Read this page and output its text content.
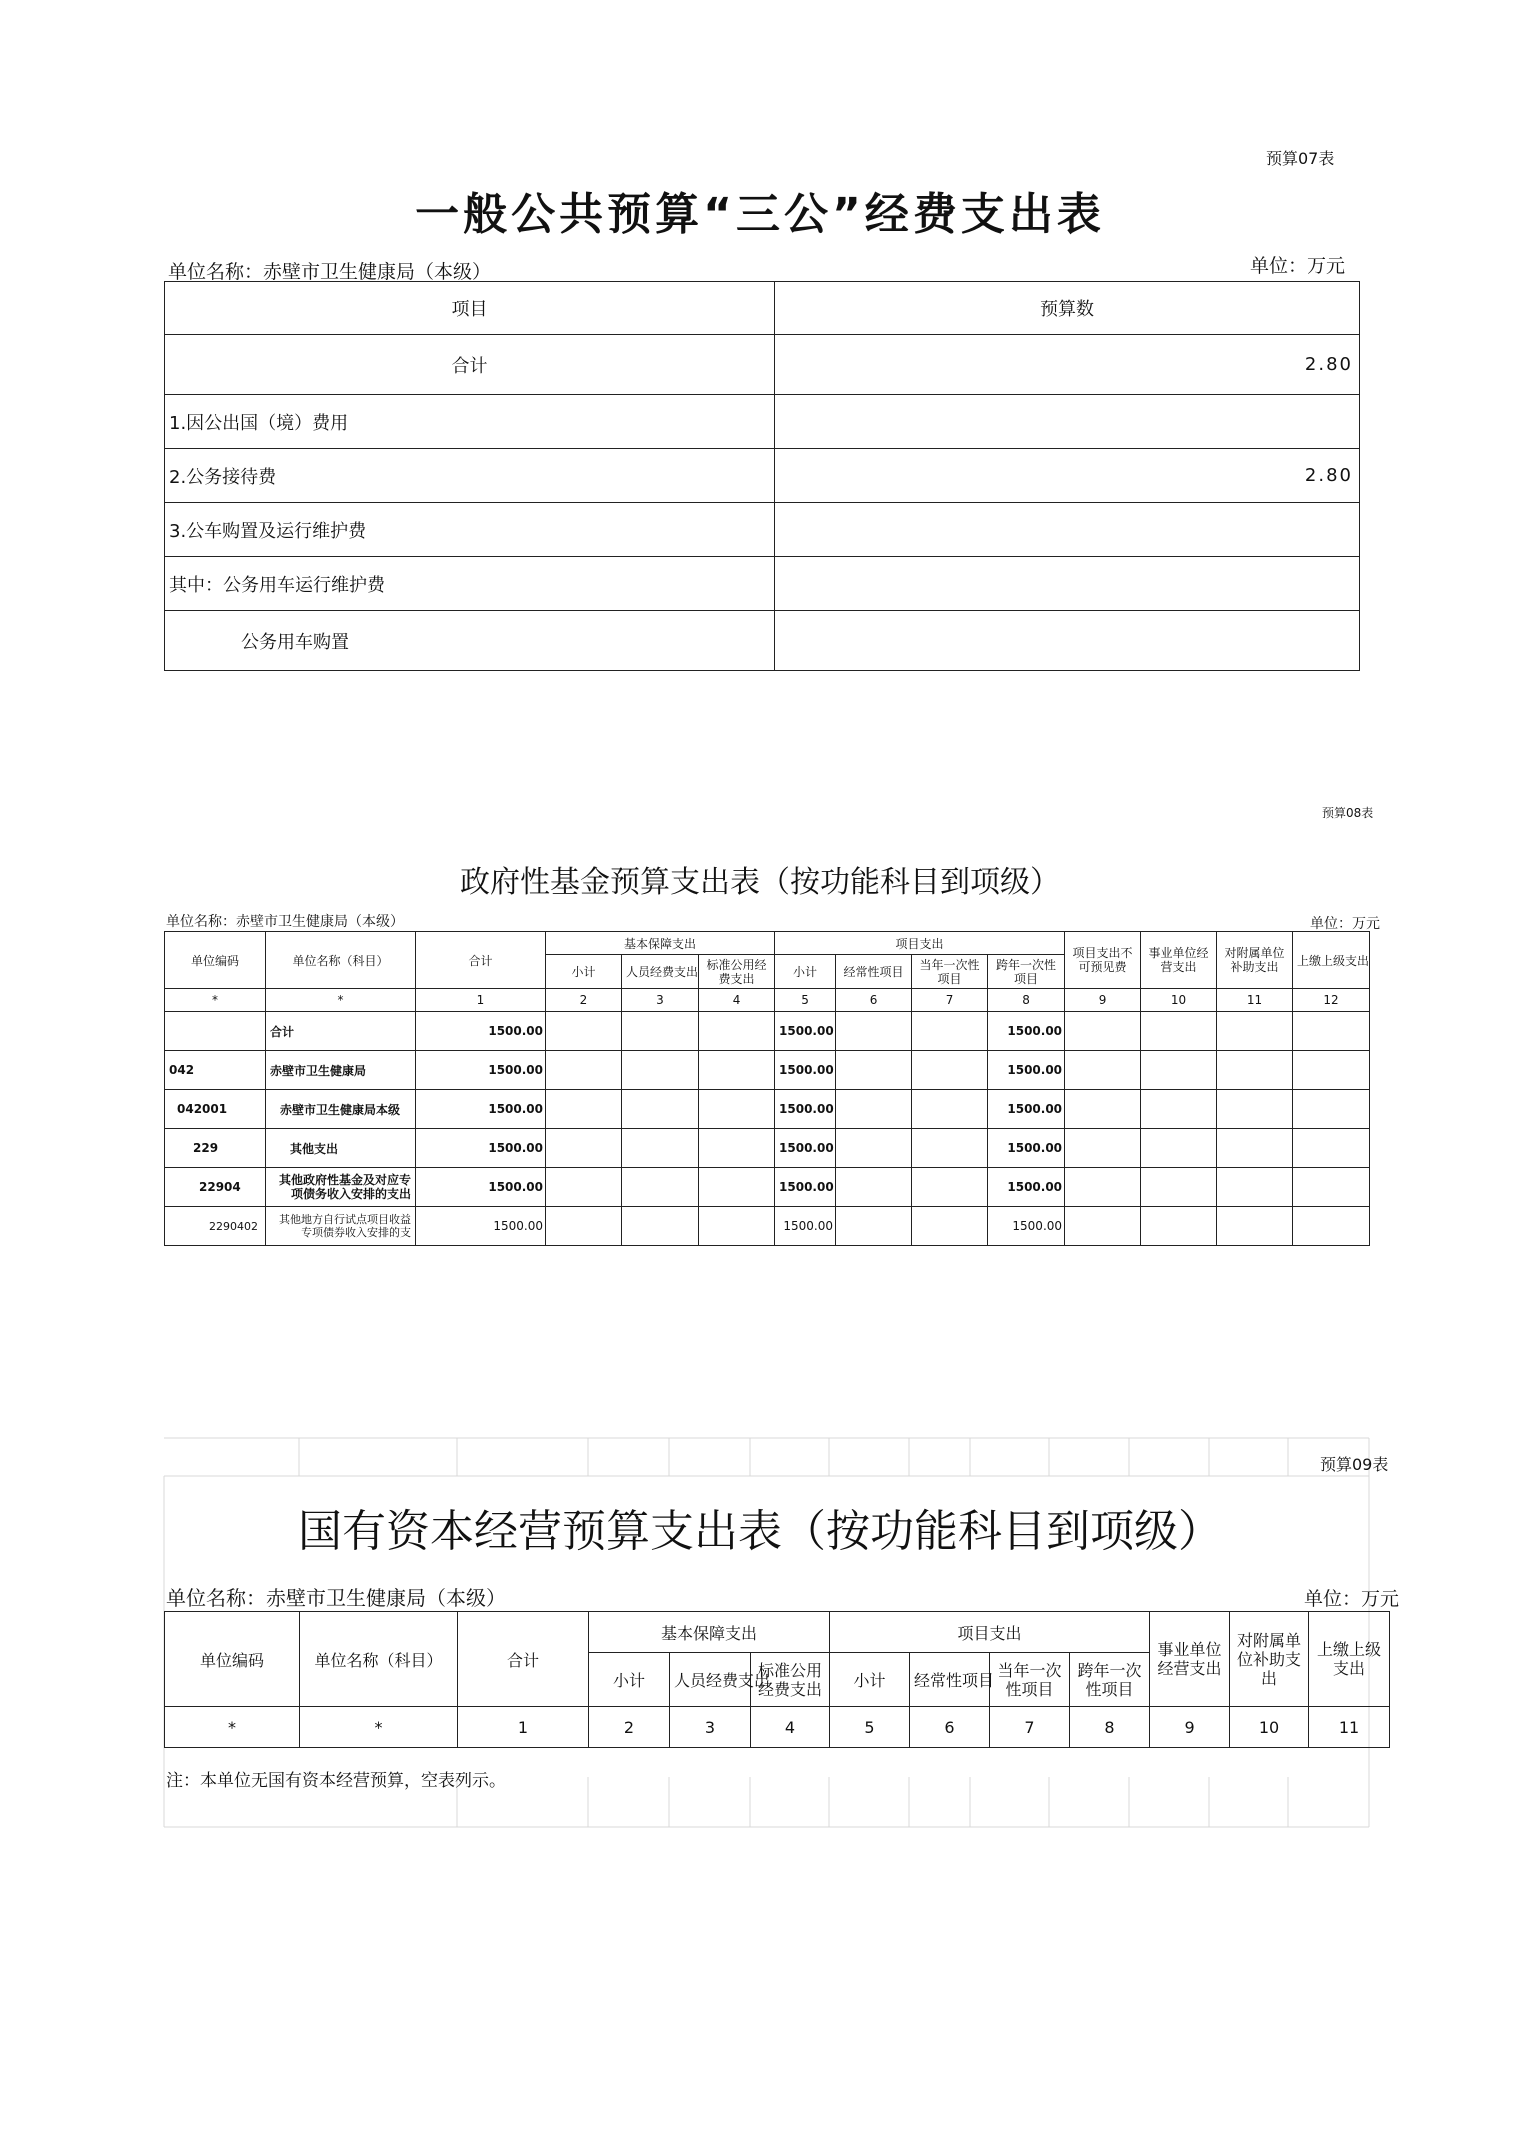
预算07表
一般公共预算“三公”经费支出表
单位名称：赤壁市卫生健康局（本级）	单位：万元
项目	预算数
合计	2.80
1.因公出国（境）费用	
2.公务接待费	2.80
3.公车购置及运行维护费	
其中：公务用车运行维护费	
公务用车购置	
预算08表
政府性基金预算支出表（按功能科目到项级）
单位名称：赤壁市卫生健康局（本级）	单位：万元
单位编码	单位名称（科目）	合计	基本保障支出			项目支出				项目支出不可预见费	事业单位经营支出	对附属单位补助支出	上缴上级支出
			小计	人员经费支出	标准公用经费支出	小计	经常性项目	当年一次性项目	跨年一次性项目				
*	*	1	2	3	4	5	6	7	8	9	10	11	12
	合计	1500.00				1500.00			1500.00				
042	赤壁市卫生健康局	1500.00				1500.00			1500.00				
042001	赤壁市卫生健康局本级	1500.00				1500.00			1500.00				
229	其他支出	1500.00				1500.00			1500.00				
22904	其他政府性基金及对应专项债务收入安排的支出	1500.00				1500.00			1500.00				
2290402	其他地方自行试点项目收益专项债券收入安排的支	1500.00				1500.00			1500.00				
预算09表
国有资本经营预算支出表（按功能科目到项级）
单位名称：赤壁市卫生健康局（本级）	单位：万元
单位编码	单位名称（科目）	合计	基本保障支出			项目支出				事业单位经营支出	对附属单位补助支出	上缴上级支出
			小计	人员经费支出	标准公用经费支出	小计	经常性项目	当年一次性项目	跨年一次性项目			
*	*	1	2	3	4	5	6	7	8	9	10	11
注：本单位无国有资本经营预算，空表列示。
